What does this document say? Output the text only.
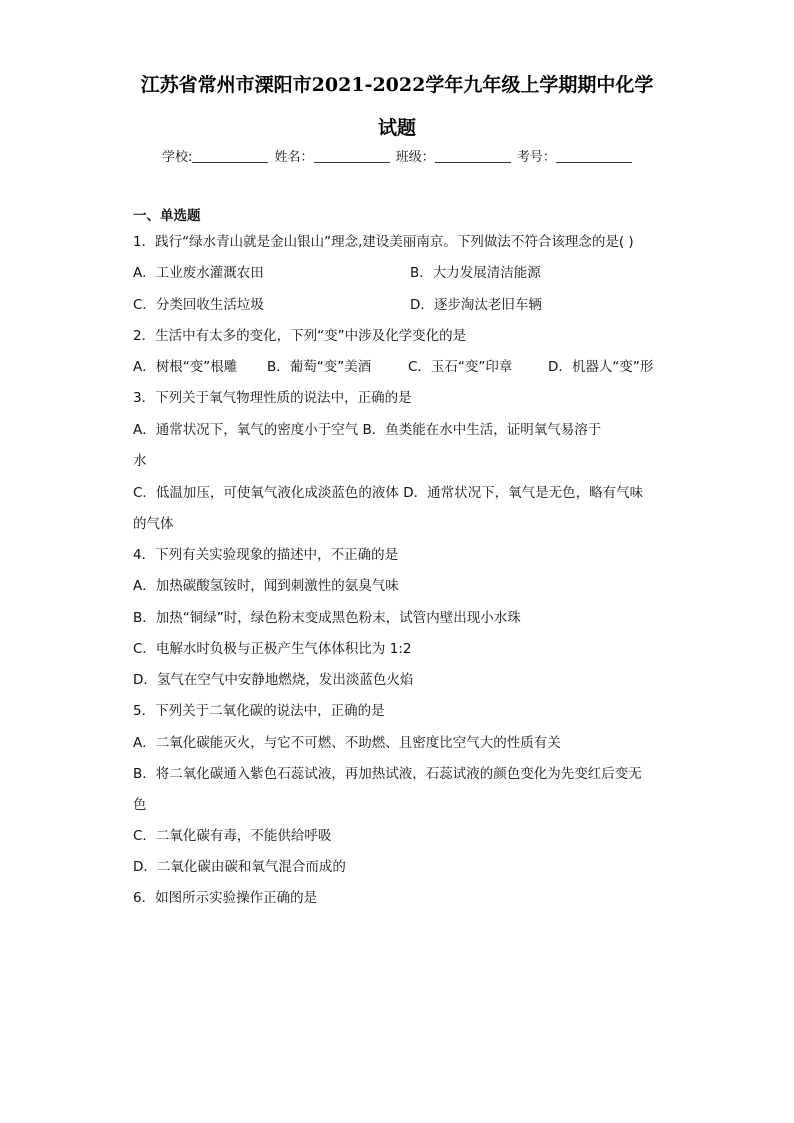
江苏省常州市溧阳市2021-2022学年九年级上学期期中化学
试题
学校:	姓名：	班级：	考号：
一、单选题
1．践行“绿水青山就是金山银山”理念,建设美丽南京。下列做法不符合该理念的是( )
A．工业废水灌溉农田	B．大力发展清洁能源
C．分类回收生活垃圾	D．逐步淘汰老旧车辆
2．生活中有太多的变化，下列“变”中涉及化学变化的是
A．树根“变”根雕 B．葡萄“变”美酒	C．玉石“变”印章	D．机器人“变”形
3．下列关于氧气物理性质的说法中，正确的是
A．通常状况下，氧气的密度小于空气 B．鱼类能在水中生活，证明氧气易溶于
水
C．低温加压，可使氧气液化成淡蓝色的液体 D．通常状况下，氧气是无色，略有气味
的气体
4．下列有关实验现象的描述中，不正确的是
A．加热碳酸氢铵时，闻到刺激性的氨臭气味
B．加热“铜绿”时，绿色粉末变成黑色粉末，试管内壁出现小水珠
C．电解水时负极与正极产生气体体积比为 1:2
D．氢气在空气中安静地燃烧，发出淡蓝色火焰
5．下列关于二氧化碳的说法中，正确的是
A．二氧化碳能灭火，与它不可燃、不助燃、且密度比空气大的性质有关
B．将二氧化碳通入紫色石蕊试液，再加热试液，石蕊试液的颜色变化为先变红后变无
色
C．二氧化碳有毒，不能供给呼吸
D．二氧化碳由碳和氧气混合而成的
6．如图所示实验操作正确的是
